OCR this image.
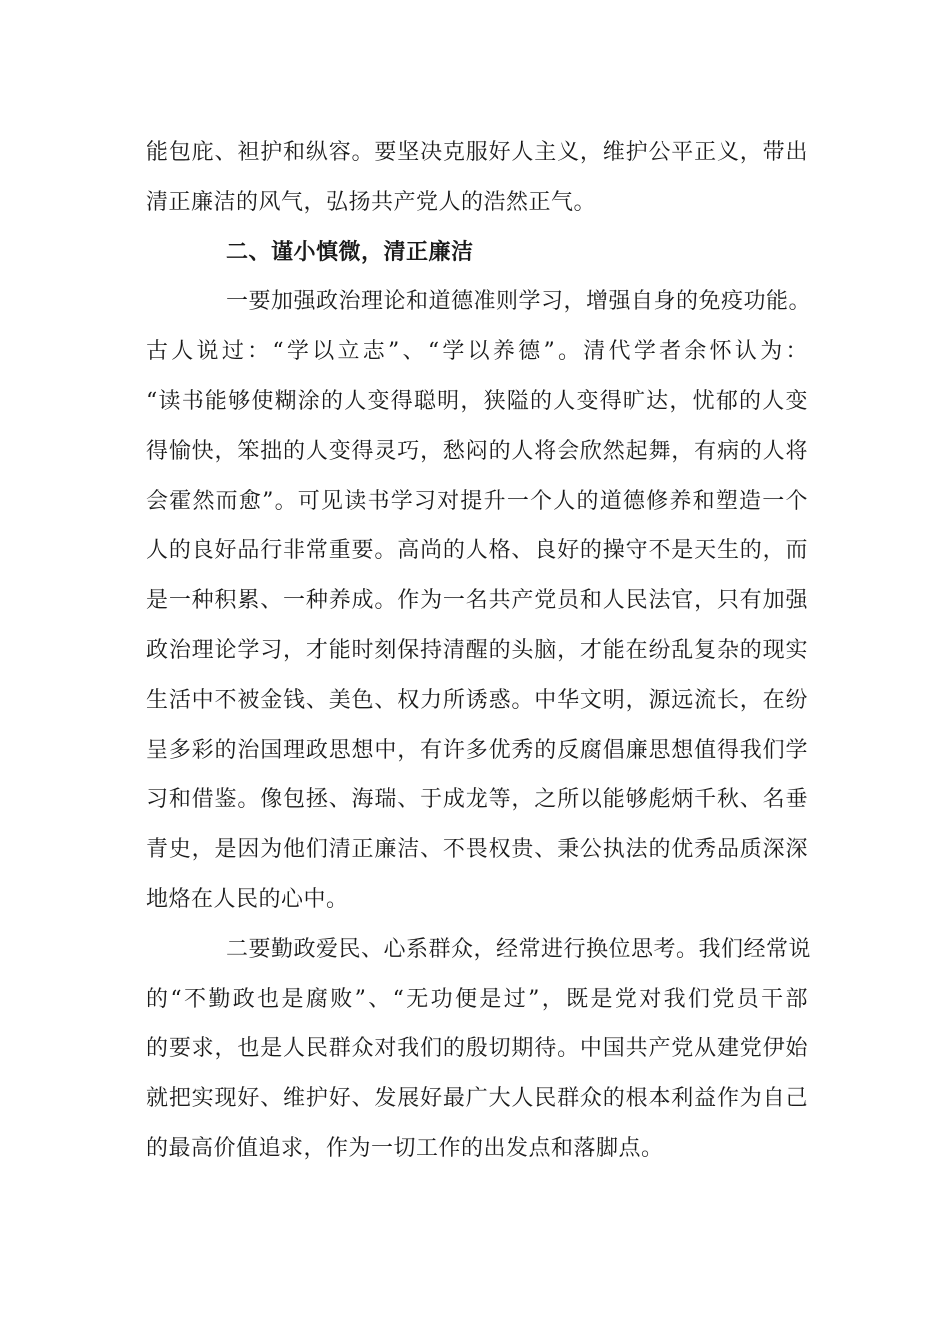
能包庇、袒护和纵容。要坚决克服好人主义，维护公平正义，带出
清正廉洁的风气，弘扬共产党人的浩然正气。
二、谨小慎微，清正廉洁
一要加强政治理论和道德准则学习，增强自身的免疫功能。
古人说过：“学以立志”、“学以养德”。清代学者余怀认为：
“读书能够使糊涂的人变得聪明，狭隘的人变得旷达，忧郁的人变
得愉快，笨拙的人变得灵巧，愁闷的人将会欣然起舞，有病的人将
会霍然而愈”。可见读书学习对提升一个人的道德修养和塑造一个
人的良好品行非常重要。高尚的人格、良好的操守不是天生的，而
是一种积累、一种养成。作为一名共产党员和人民法官，只有加强
政治理论学习，才能时刻保持清醒的头脑，才能在纷乱复杂的现实
生活中不被金钱、美色、权力所诱惑。中华文明，源远流长，在纷
呈多彩的治国理政思想中，有许多优秀的反腐倡廉思想值得我们学
习和借鉴。像包拯、海瑞、于成龙等，之所以能够彪炳千秋、名垂
青史，是因为他们清正廉洁、不畏权贵、秉公执法的优秀品质深深
地烙在人民的心中。
二要勤政爱民、心系群众，经常进行换位思考。我们经常说
的“不勤政也是腐败”、“无功便是过”，既是党对我们党员干部
的要求，也是人民群众对我们的殷切期待。中国共产党从建党伊始
就把实现好、维护好、发展好最广大人民群众的根本利益作为自己
的最高价值追求，作为一切工作的出发点和落脚点。
